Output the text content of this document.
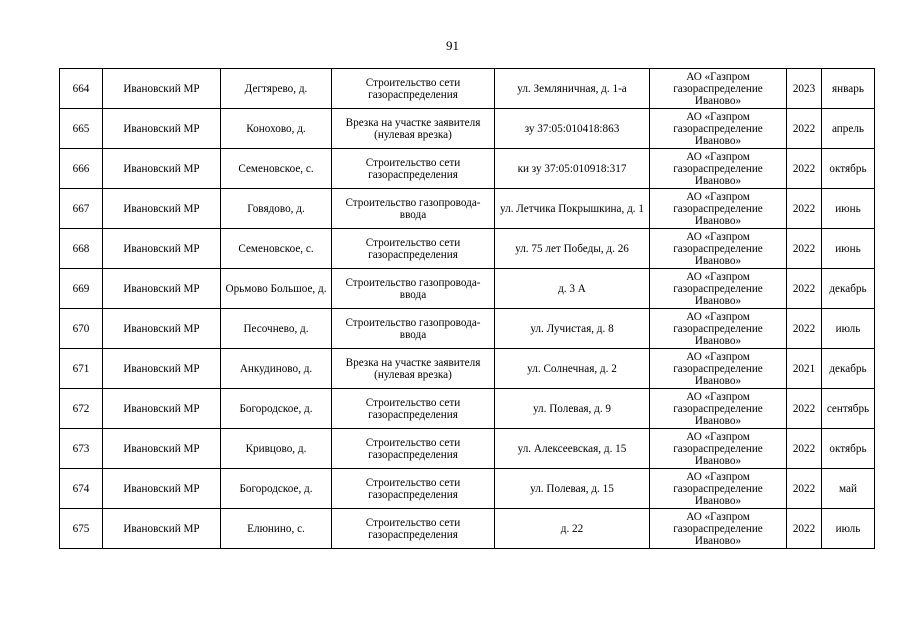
91
664	Ивановский МР	Дегтярево, д.	Строительство сети газораспределения	ул. Земляничная, д. 1-а	АО «Газпром газораспределение Иваново»	2023	январь
665	Ивановский МР	Конохово, д.	Врезка на участке заявителя (нулевая врезка)	зу 37:05:010418:863	АО «Газпром газораспределение Иваново»	2022	апрель
666	Ивановский МР	Семеновское, с.	Строительство сети газораспределения	ки зу 37:05:010918:317	АО «Газпром газораспределение Иваново»	2022	октябрь
667	Ивановский МР	Говядово, д.	Строительство газопровода-ввода	ул. Летчика Покрышкина, д. 1	АО «Газпром газораспределение Иваново»	2022	июнь
668	Ивановский МР	Семеновское, с.	Строительство сети газораспределения	ул. 75 лет Победы, д. 26	АО «Газпром газораспределение Иваново»	2022	июнь
669	Ивановский МР	Орьмово Большое, д.	Строительство газопровода-ввода	д. 3 А	АО «Газпром газораспределение Иваново»	2022	декабрь
670	Ивановский МР	Песочнево, д.	Строительство газопровода-ввода	ул. Лучистая, д. 8	АО «Газпром газораспределение Иваново»	2022	июль
671	Ивановский МР	Анкудиново, д.	Врезка на участке заявителя (нулевая врезка)	ул. Солнечная, д. 2	АО «Газпром газораспределение Иваново»	2021	декабрь
672	Ивановский МР	Богородское, д.	Строительство сети газораспределения	ул. Полевая, д. 9	АО «Газпром газораспределение Иваново»	2022	сентябрь
673	Ивановский МР	Кривцово, д.	Строительство сети газораспределения	ул. Алексеевская, д. 15	АО «Газпром газораспределение Иваново»	2022	октябрь
674	Ивановский МР	Богородское, д.	Строительство сети газораспределения	ул. Полевая, д. 15	АО «Газпром газораспределение Иваново»	2022	май
675	Ивановский МР	Елюнино, с.	Строительство сети газораспределения	д. 22	АО «Газпром газораспределение Иваново»	2022	июль
